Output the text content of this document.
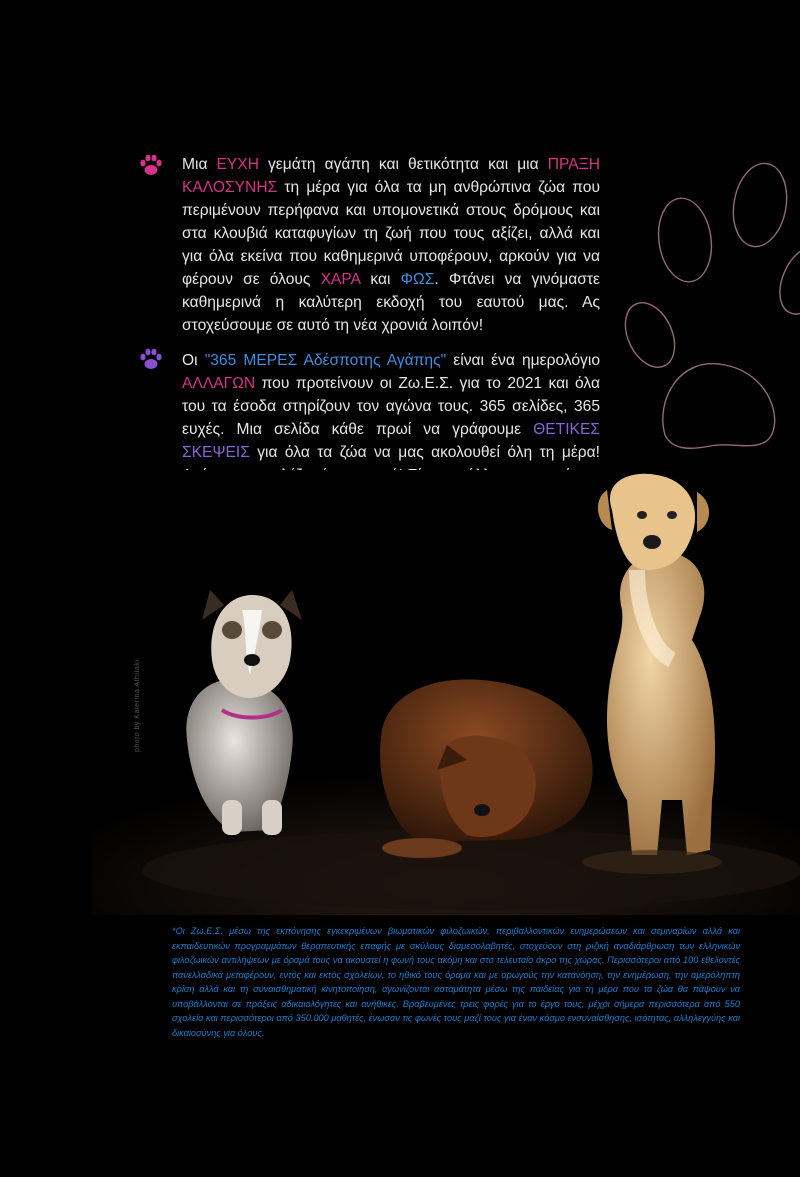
Μια ΕΥΧΗ γεμάτη αγάπη και θετικότητα και μια ΠΡΑΞΗ ΚΑΛΟΣΥΝΗΣ τη μέρα για όλα τα μη ανθρώπινα ζώα που περιμένουν περήφανα και υπομονετικά στους δρόμους και στα κλουβιά καταφυγίων τη ζωή που τους αξίζει, αλλά και για όλα εκείνα που καθημερινά υποφέρουν, αρκούν για να φέρουν σε όλους ΧΑΡΑ και ΦΩΣ. Φτάνει να γινόμαστε καθημερινά η καλύτερη εκδοχή του εαυτού μας. Ας στοχεύσουμε σε αυτό τη νέα χρονιά λοιπόν!

Οι "365 ΜΕΡΕΣ Αδέσποτης Αγάπης" είναι ένα ημερολόγιο ΑΛΛΑΓΩΝ που προτείνουν οι Ζω.Ε.Σ. για το 2021 και όλα του τα έσοδα στηρίζουν τον αγώνα τους. 365 σελίδες, 365 ευχές. Μια σελίδα κάθε πρωί να γράφουμε ΘΕΤΙΚΕΣ ΣΚΕΨΕΙΣ για όλα τα ζώα να μας ακολουθεί όλη τη μέρα!

photo by Katerina Athitaki

*Οι Ζω.Ε.Σ. μέσω της εκπόνησης εγκεκριμένων βιωματικών φιλοζωικών, περιβαλλοντικών ενημερώσεων και σεμιναρίων αλλά και εκπαιδευτικών προγραμμάτων θεραπευτικής επαφής με σκύλους διαμεσολαβητές, στοχεύουν στη ριζική αναδιάρθρωση των ελληνικών φιλοζωικών αντιλήψεων με όραμά τους να ακουστεί η φωνή τους ακόμη και στο τελευταίο άκρο της χώρας. Περισσότεροι από 100 εθελοντές πανελλαδικά μεταφέρουν, εντός και εκτός σχολείων, το ηθικό τους όραμα και με αρωγούς την κατανόηση, την ενημέρωση, την αμερόληπτη κρίση αλλά και τη συναισθηματική κινητοποίηση, αγωνίζονται ασταμάτητα μέσω της παιδείας για τη μέρα που τα ζώα θα πάψουν να υποβάλλονται σε πράξεις αδικαιολόγητες και ανήθικες. Βραβευμένες τρεις φορές για το έργο τους, μέχρι σήμερα περισσότερα από 550 σχολεία και περισσότεροι από 350.000 μαθητές, ένωσαν τις φωνές τους μαζί τους για έναν κόσμο ενσυναίσθησης, ισότητας, αλληλεγγύης και δικαιοσύνης για όλους.
